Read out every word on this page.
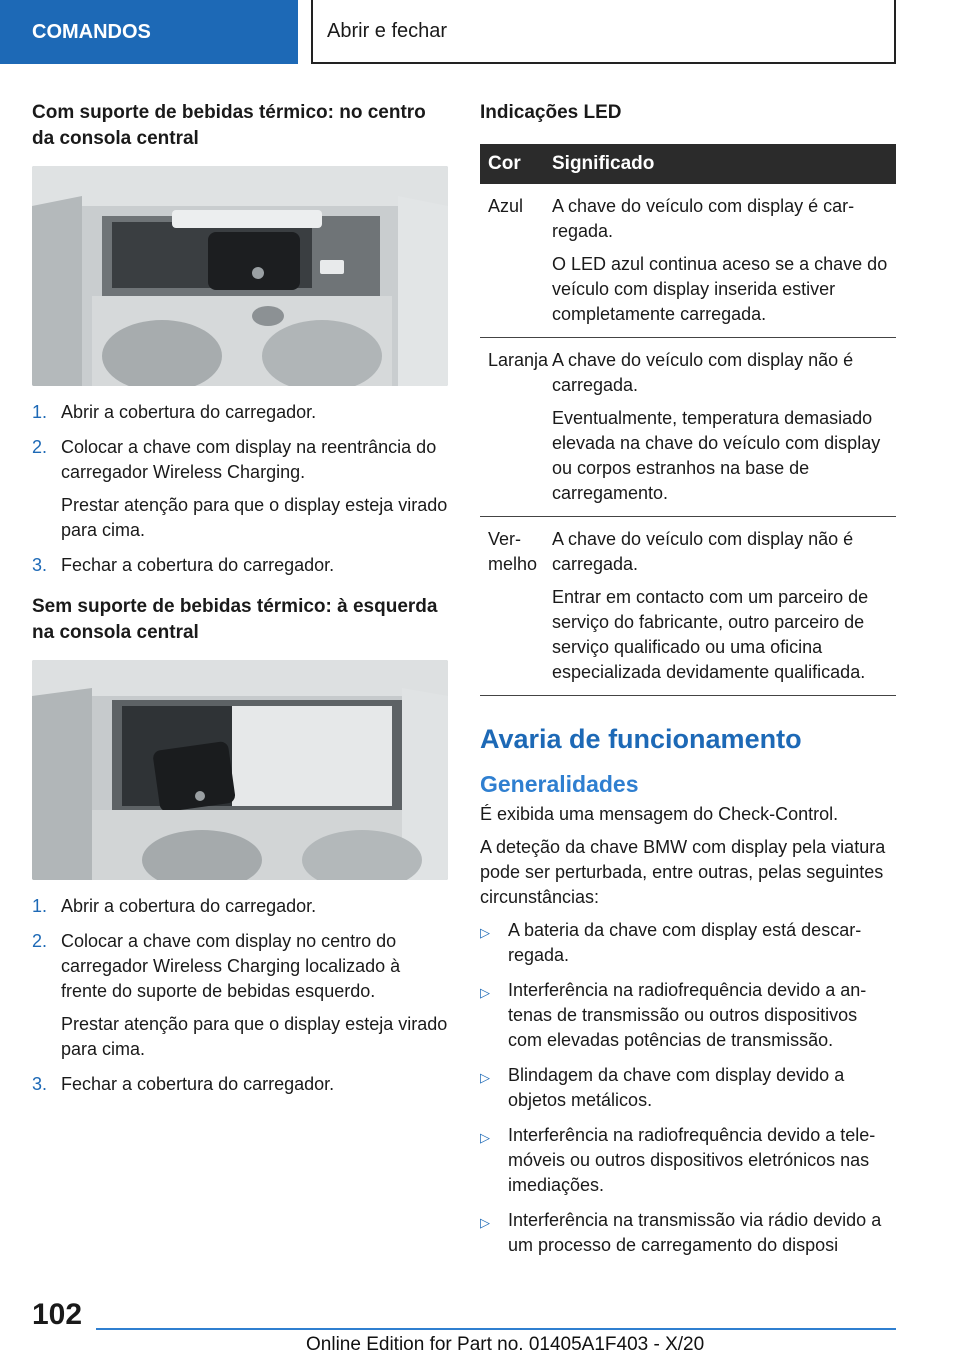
COMANDOS	Abrir e fechar
Com suporte de bebidas térmico: no centro da consola central
1. Abrir a cobertura do carregador.

2. Colocar a chave com display na reentrância do carregador Wireless Charging.

Prestar atenção para que o display esteja virado para cima.

3. Fechar a cobertura do carregador.

Sem suporte de bebidas térmico: à esquerda na consola central
1. Abrir a cobertura do carregador.

2. Colocar a chave com display no centro do carregador Wireless Charging localizado à frente do suporte de bebidas esquerdo.

Prestar atenção para que o display esteja virado para cima.

3. Fechar a cobertura do carregador.

Indicações LED
Cor	Significado
Azul	A chave do veículo com display é carregada.

O LED azul continua aceso se a chave do veículo com display inserida estiver completamente carregada.

Laranja A chave do veículo com display não é carregada.

Eventualmente, temperatura demasiado elevada na chave do veículo com display ou corpos estranhos na base de carregamento.

Vermelho

A chave do veículo com display não é carregada.

Entrar em contacto com um parceiro de serviço do fabricante, outro parceiro de serviço qualificado ou uma oficina especializada devidamente qualificada.

Avaria de funcionamento
Generalidades

É exibida uma mensagem do Check-Control.

A deteção da chave BMW com display pela viatura pode ser perturbada, entre outras, pelas seguintes circunstâncias:

▷	A bateria da chave com display está descarregada.
▷	Interferência na radiofrequência devido a antenas de transmissão ou outros dispositivos com elevadas potências de transmissão.
▷	Blindagem da chave com display devido a objetos metálicos.
▷	Interferência na radiofrequência devido a telemóveis ou outros dispositivos eletrónicos nas imediações.
▷	Interferência na transmissão via rádio devido a um processo de carregamento do disposi
102
Online Edition for Part no. 01405A1F403 - X/20
